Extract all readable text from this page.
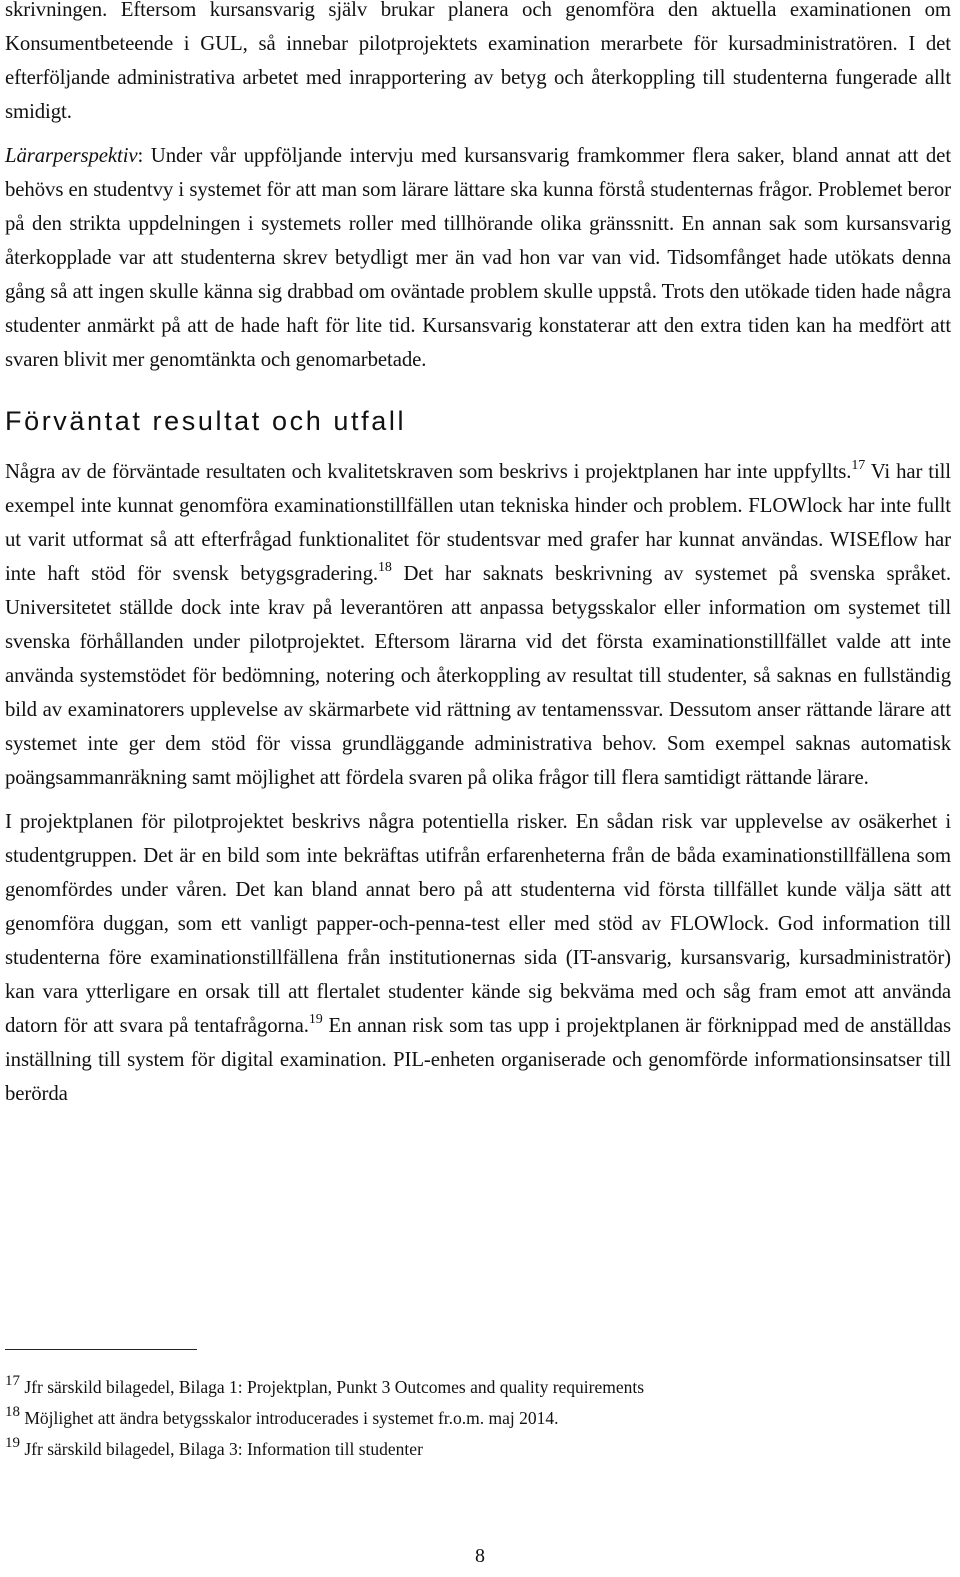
skrivningen. Eftersom kursansvarig själv brukar planera och genomföra den aktuella examinationen om Konsumentbeteende i GUL, så innebar pilotprojektets examination merarbete för kursadministratören. I det efterföljande administrativa arbetet med inrapportering av betyg och återkoppling till studenterna fungerade allt smidigt.

Lärarperspektiv: Under vår uppföljande intervju med kursansvarig framkommer flera saker, bland annat att det behövs en studentvy i systemet för att man som lärare lättare ska kunna förstå studenternas frågor. Problemet beror på den strikta uppdelningen i systemets roller med tillhörande olika gränssnitt. En annan sak som kursansvarig återkopplade var att studenterna skrev betydligt mer än vad hon var van vid. Tidsomfånget hade utökats denna gång så att ingen skulle känna sig drabbad om oväntade problem skulle uppstå. Trots den utökade tiden hade några studenter anmärkt på att de hade haft för lite tid. Kursansvarig konstaterar att den extra tiden kan ha medfört att svaren blivit mer genomtänkta och genomarbetade.

Förväntat resultat och utfall

Några av de förväntade resultaten och kvalitetskraven som beskrivs i projektplanen har inte uppfyllts.$^{17}$ Vi har till exempel inte kunnat genomföra examinationstillfällen utan tekniska hinder och problem. FLOWlock har inte fullt ut varit utformat så att efterfrågad funktionalitet för studentsvar med grafer har kunnat användas. WISEflow har inte haft stöd för svensk betygsgradering.$^{18}$ Det har saknats beskrivning av systemet på svenska språket. Universitetet ställde dock inte krav på leverantören att anpassa betygsskalor eller information om systemet till svenska förhållanden under pilotprojektet. Eftersom lärarna vid det första examinationstillfället valde att inte använda systemstödet för bedömning, notering och återkoppling av resultat till studenter, så saknas en fullständig bild av examinatorers upplevelse av skärmarbete vid rättning av tentamenssvar. Dessutom anser rättande lärare att systemet inte ger dem stöd för vissa grundläggande administrativa behov. Som exempel saknas automatisk poängsammanräkning samt möjlighet att fördela svaren på olika frågor till flera samtidigt rättande lärare.

I projektplanen för pilotprojektet beskrivs några potentiella risker. En sådan risk var upplevelse av osäkerhet i studentgruppen. Det är en bild som inte bekräftas utifrån erfarenheterna från de båda examinationstillfällena som genomfördes under våren. Det kan bland annat bero på att studenterna vid första tillfället kunde välja sätt att genomföra duggan, som ett vanligt papper-och-penna-test eller med stöd av FLOWlock. God information till studenterna före examinationstillfällena från institutionernas sida (IT-ansvarig, kursansvarig, kursadministratör) kan vara ytterligare en orsak till att flertalet studenter kände sig bekväma med och såg fram emot att använda datorn för att svara på tentafrågorna.$^{19}$ En annan risk som tas upp i projektplanen är förknippad med de anställdas inställning till system för digital examination. PIL-enheten organiserade och genomförde informationsinsatser till berörda

$^{17}$ Jfr särskild bilagedel, Bilaga 1: Projektplan, Punkt 3 Outcomes and quality requirements

$^{18}$ Möjlighet att ändra betygsskalor introducerades i systemet fr.o.m. maj 2014.

$^{19}$ Jfr särskild bilagedel, Bilaga 3: Information till studenter

8
